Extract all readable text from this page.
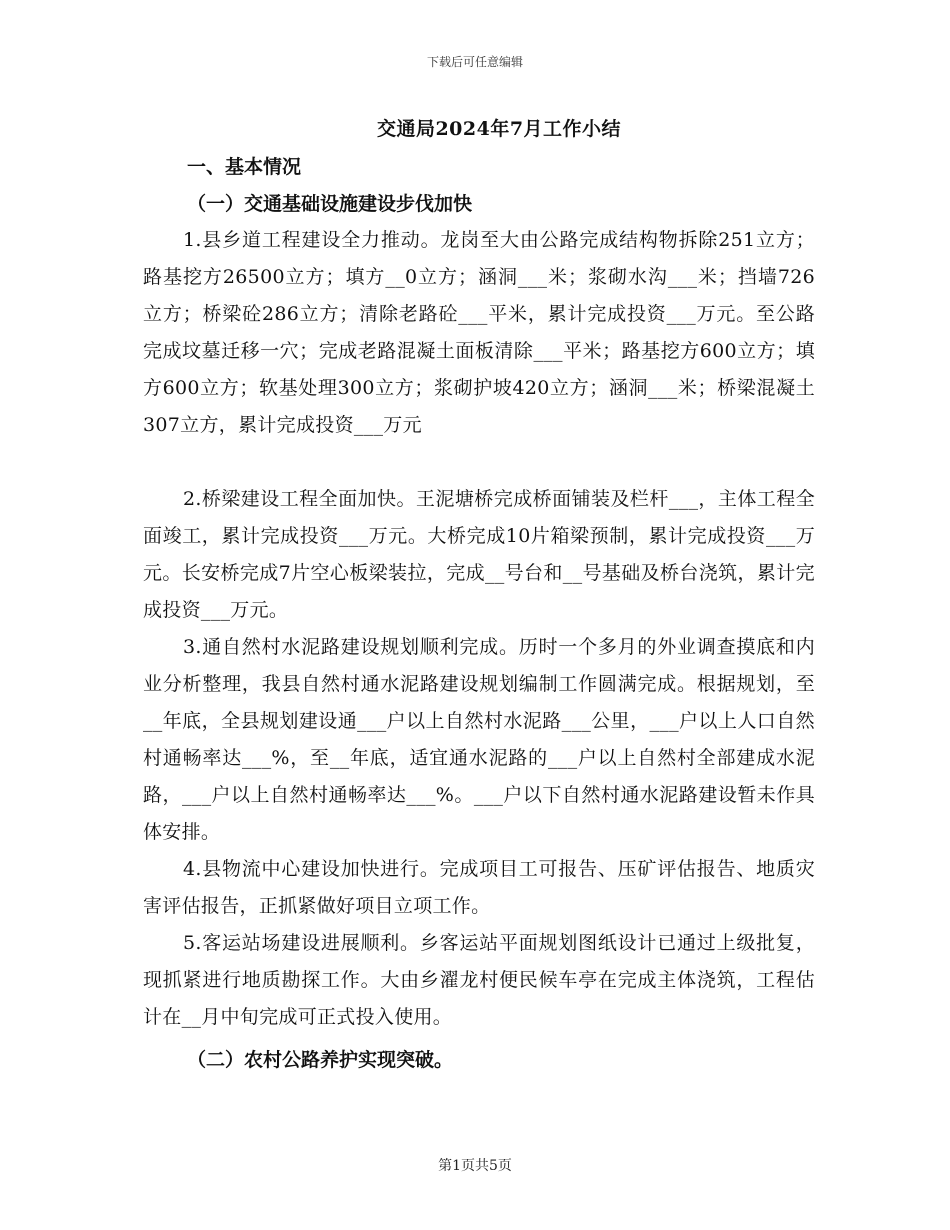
下载后可任意编辑
交通局2024年7月工作小结
一、基本情况
（一）交通基础设施建设步伐加快
1.县乡道工程建设全力推动。龙岗至大由公路完成结构物拆除251立方；路基挖方26500立方；填方__0立方；涵洞___米；浆砌水沟___米；挡墙726立方；桥梁砼286立方；清除老路砼___平米，累计完成投资___万元。至公路完成坟墓迁移一穴；完成老路混凝土面板清除___平米；路基挖方600立方；填方600立方；软基处理300立方；浆砌护坡420立方；涵洞___米；桥梁混凝土307立方，累计完成投资___万元
2.桥梁建设工程全面加快。王泥塘桥完成桥面铺装及栏杆___，主体工程全面竣工，累计完成投资___万元。大桥完成10片箱梁预制，累计完成投资___万元。长安桥完成7片空心板梁装拉，完成__号台和__号基础及桥台浇筑，累计完成投资___万元。
3.通自然村水泥路建设规划顺利完成。历时一个多月的外业调查摸底和内业分析整理，我县自然村通水泥路建设规划编制工作圆满完成。根据规划，至__年底，全县规划建设通___户以上自然村水泥路___公里，___户以上人口自然村通畅率达___%，至__年底，适宜通水泥路的___户以上自然村全部建成水泥路，___户以上自然村通畅率达___%。___户以下自然村通水泥路建设暂未作具体安排。
4.县物流中心建设加快进行。完成项目工可报告、压矿评估报告、地质灾害评估报告，正抓紧做好项目立项工作。
5.客运站场建设进展顺利。乡客运站平面规划图纸设计已通过上级批复，现抓紧进行地质勘探工作。大由乡濯龙村便民候车亭在完成主体浇筑，工程估计在__月中旬完成可正式投入使用。
（二）农村公路养护实现突破。
第1页共5页
